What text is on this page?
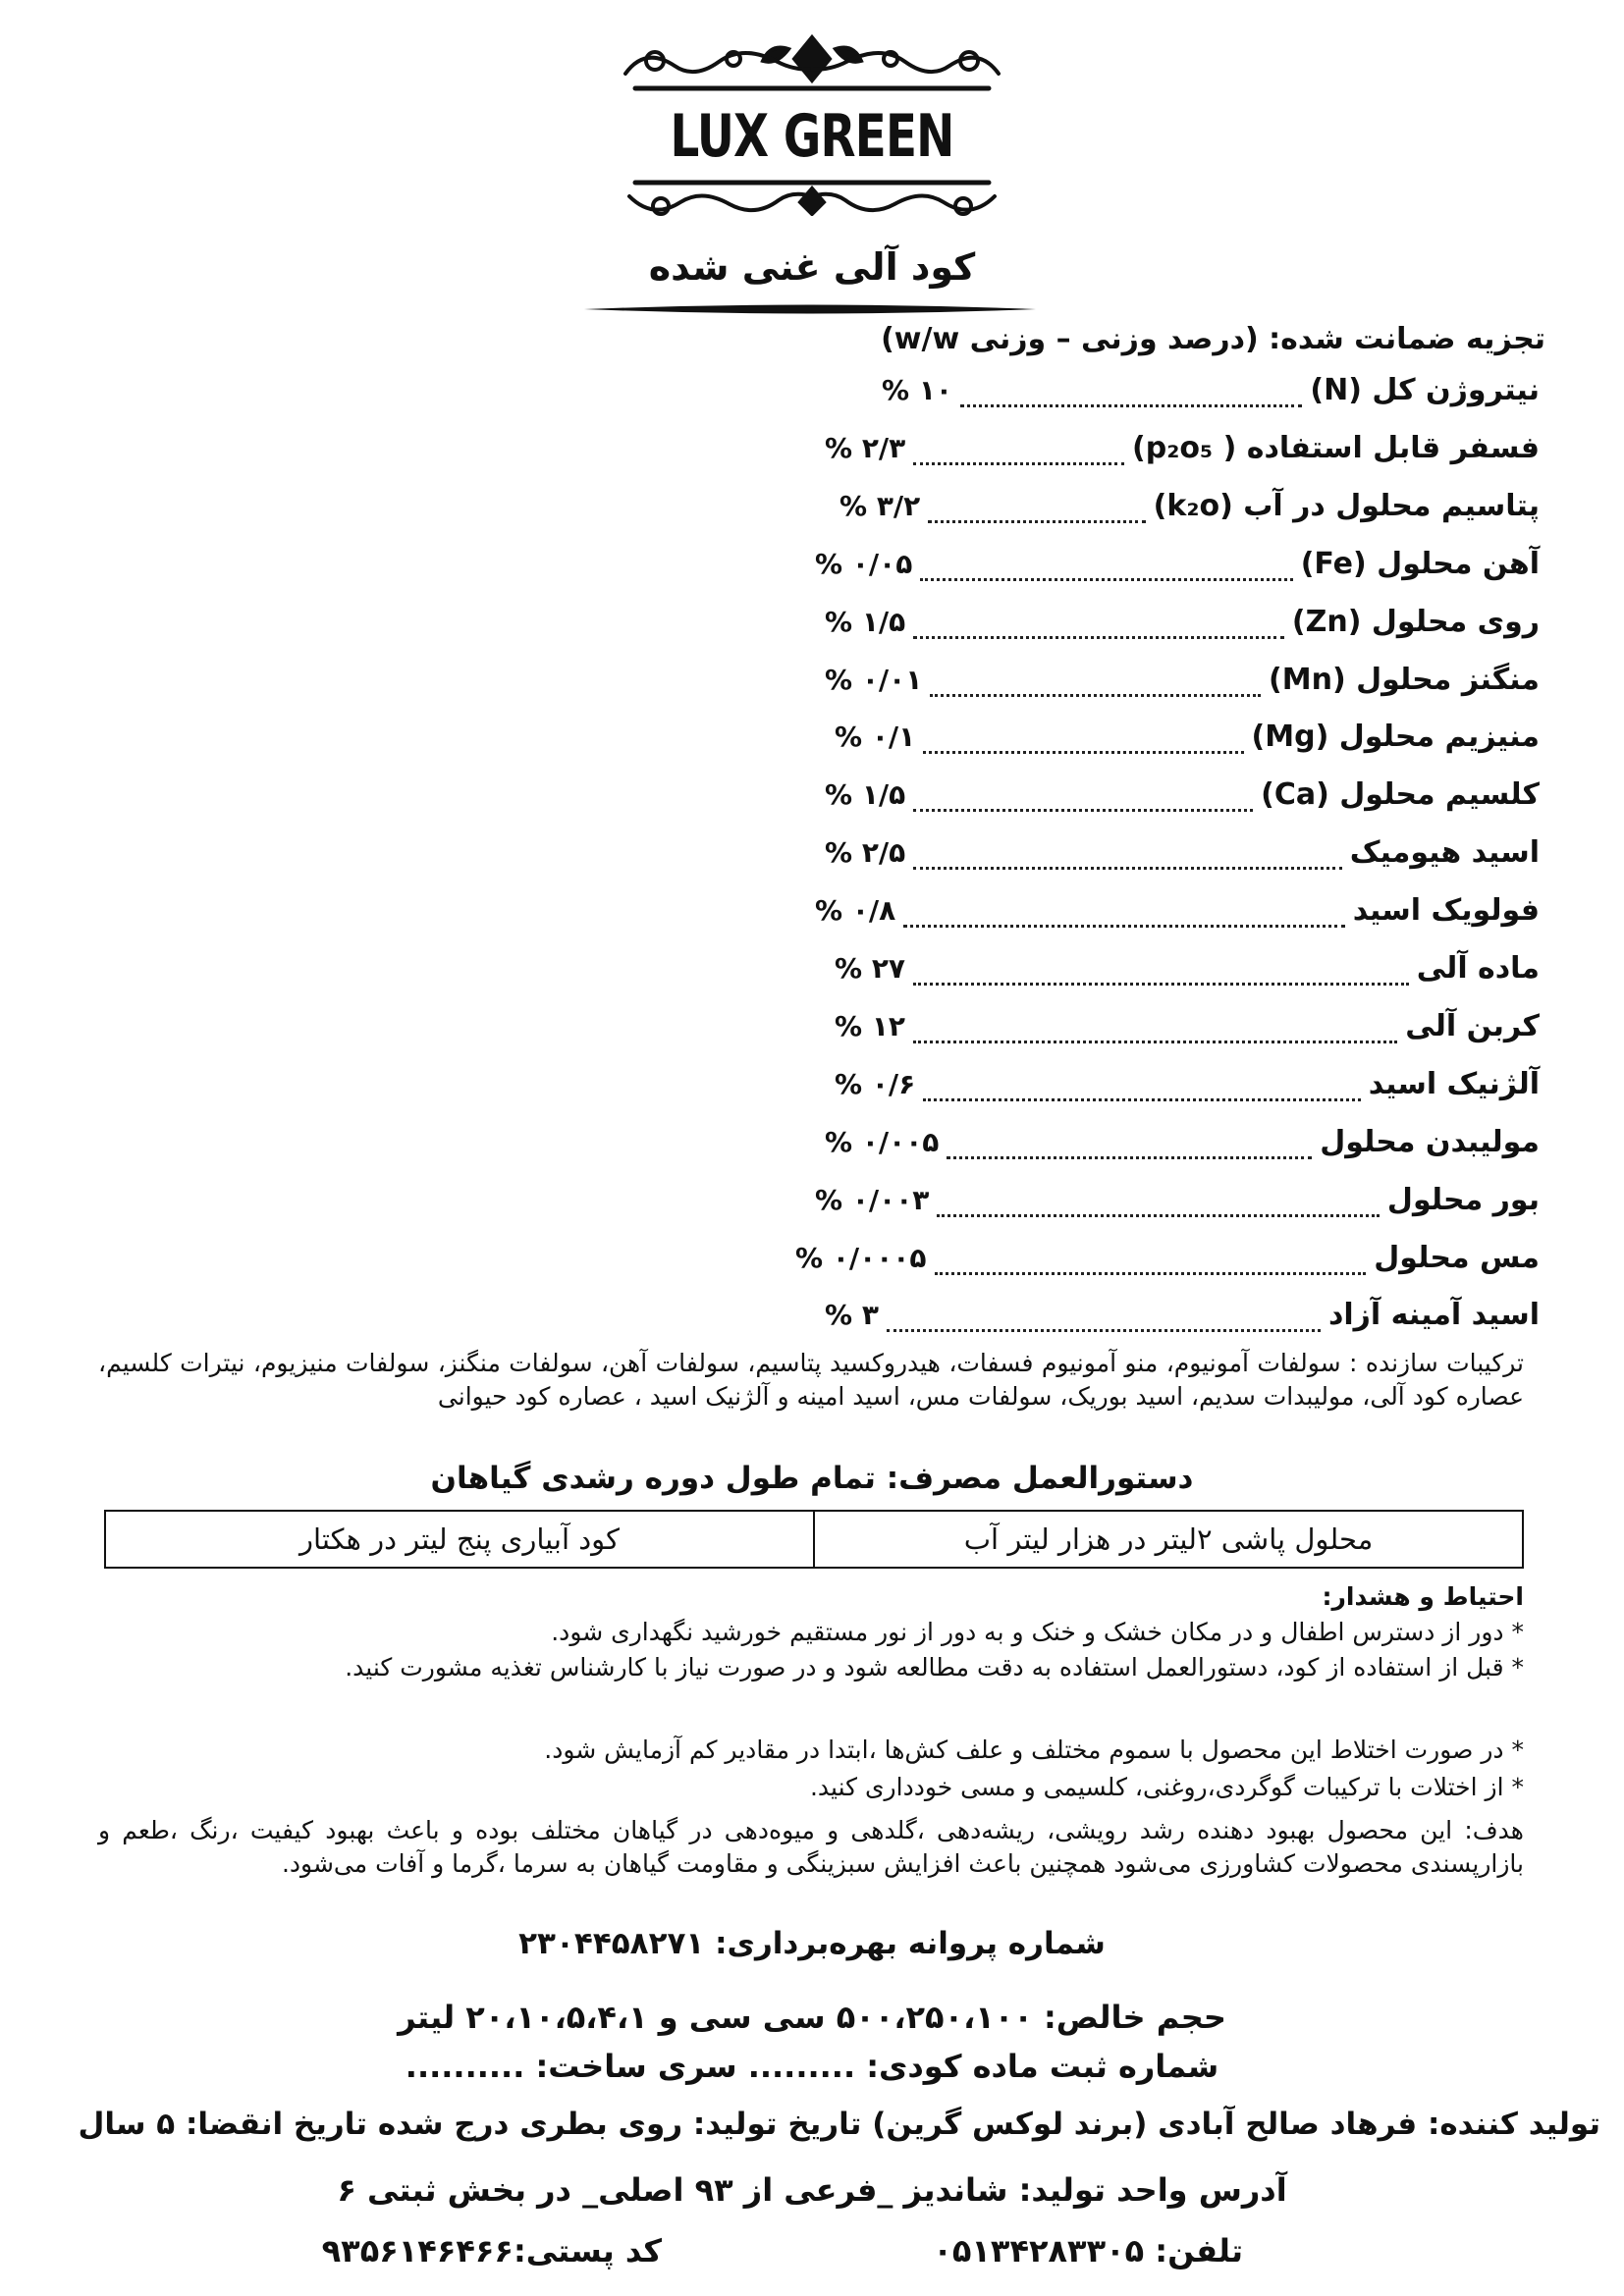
LUX GREEN
کود آلی غنی شده
تجزیه ضمانت شده: (درصد وزنی – وزنی w/w)
نیتروژن کل (N)
۱۰ %
فسفر قابل استفاده ( p₂o₅)
۲/۳ %
پتاسیم محلول در آب (k₂o)
۳/۲ %
آهن محلول (Fe)
۰/۰۵ %
روی محلول (Zn)
۱/۵ %
منگنز محلول (Mn)
۰/۰۱ %
منیزیم محلول (Mg)
۰/۱ %
کلسیم محلول (Ca)
۱/۵ %
اسید هیومیک
۲/۵ %
فولویک اسید
۰/۸ %
ماده آلی
۲۷ %
کربن آلی
۱۲ %
آلژنیک اسید
۰/۶ %
مولیبدن محلول
۰/۰۰۵ %
بور محلول
۰/۰۰۳ %
مس محلول
۰/۰۰۰۵ %
اسید آمینه آزاد
۳ %
ترکیبات سازنده : سولفات آمونیوم، منو آمونیوم فسفات، هیدروکسید پتاسیم، سولفات آهن، سولفات منگنز، سولفات منیزیوم، نیترات کلسیم، عصاره کود آلی، مولیبدات سدیم، اسید بوریک، سولفات مس، اسید امینه و آلژنیک اسید ، عصاره کود حیوانی
دستورالعمل مصرف: تمام طول دوره رشدی گیاهان
محلول پاشی ۲لیتر در هزار لیتر آب
کود آبیاری پنج لیتر در هکتار
احتیاط و هشدار:
* دور از دسترس اطفال و در مکان خشک و خنک و به دور از نور مستقیم خورشید نگهداری شود.
* قبل از استفاده از کود، دستورالعمل استفاده به دقت مطالعه شود و در صورت نیاز با کارشناس تغذیه مشورت کنید.
* در صورت اختلاط این محصول با سموم مختلف و علف کش‌ها ،ابتدا در مقادیر کم آزمایش شود.
* از اختلات با ترکیبات گوگردی،روغنی، کلسیمی و مسی خودداری کنید.
هدف: این محصول بهبود دهنده رشد رویشی، ریشه‌دهی ،گلدهی و میوه‌دهی در گیاهان مختلف بوده و باعث بهبود کیفیت ،رنگ ،طعم و بازارپسندی محصولات کشاورزی می‌شود همچنین باعث افزایش سبزینگی و مقاومت گیاهان به سرما ،گرما و آفات می‌شود.
شماره پروانه بهره‌برداری: ۲۳۰۴۴۵۸۲۷۱
حجم خالص: ۵۰۰،۲۵۰،۱۰۰ سی سی و ۲۰،۱۰،۵،۴،۱ لیتر
شماره ثبت ماده کودی: ......... سری ساخت: ..........
تولید کننده: فرهاد صالح آبادی (برند لوکس گرین) تاریخ تولید: روی بطری درج شده تاریخ انقضا: ۵ سال
آدرس واحد تولید: شاندیز _فرعی از ۹۳ اصلی_ در بخش ثبتی ۶
تلفن: ۰۵۱۳۴۲۸۳۳۰۵
کد پستی:۹۳۵۶۱۴۶۴۶۶
